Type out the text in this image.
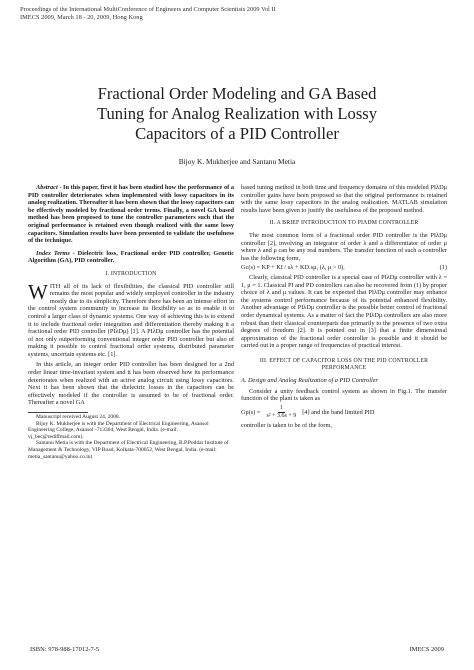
Proceedings of the International MultiConference of Engineers and Computer Scientists 2009 Vol II
IMECS 2009, March 18 - 20, 2009, Hong Kong
Fractional Order Modeling and GA Based
Tuning for Analog Realization with Lossy
Capacitors of a PID Controller
Bijoy K. Mukherjee and Santanu Metia

Abstract - In this paper, first it has been studied how the performance of a PID controller deteriorates when implemented with lossy capacitors in its analog realization. Thereafter it has been shown that the lossy capacitors can be effectively modeled by fractional order terms. Finally, a novel GA based method has been proposed to tune the controller parameters such that the original performance is retained even though realized with the same lossy capacitors. Simulation results have been presented to validate the usefulness of the technique.

Index Terms - Dielectric loss, Fractional order PID controller, Genetic Algorithm (GA), PID controller.

I. INTRODUCTION

WITH all of its lack of flexibilities, the classical PID controller still remains the most popular and widely employed controller in the industry mostly due to its simplicity. Therefore there has been an intense effort in the control system community to increase its flexibility so as to enable it to control a larger class of dynamic systems. One way of achieving this is to extend it to include fractional order integration and differentiation thereby making it a fractional order PID controller (PIλDμ) [1]. A PIλDμ controller has the potential of not only outperforming conventional integer order PID controller but also of making it possible to control fractional order systems, distributed parameter systems, uncertain systems etc. [1].

In this article, an integer order PID controller has been designed for a 2nd order linear time-invariant system and it has been observed how its performance deteriorates when realized with an active analog circuit using lossy capacitors. Next it has been shown that the dielectric losses in the capacitors can be effectively modeled if the controller is assumed to be of fractional order. Thereafter a novel GA

Manuscript received August 24, 2008.

Bijoy K. Mukherjee is with the Department of Electrical Engineering, Asansol Engineering College, Asansol -713304, West Bengal, India. (e-mail: vj_bec@rediffmail.com).

Santanu Metia is with the Department of Electrical Engineering, B.P.Poddar Institute of Management & Technology, VIP Road, Kolkata-700052, West Bengal, India. (e-mail: metia_santanu@yahoo.co.in)

based tuning method in both time and frequency domains of this modeled PIλDμ controller gains have been proposed so that the original performance is retained with the same lossy capacitors in the analog realization. MATLAB simulation results have been given to justify the usefulness of the proposed method.

II. A BRIEF INTRODUCTION TO PIΛDΜ CONTROLLER

The most common form of a fractional order PID controller is the PIλDμ controller [2], involving an integrator of order λ and a differentiator of order μ where λ and μ can be any real numbers. The transfer function of such a controller has the following form,

Gc(s) = KP + KI / sλ + KD.sμ, (λ, μ > 0).	(1)

Clearly, classical PID controller is a special case of PIλDμ controller with λ = 1, μ = 1. Classical PI and PD controllers can also be recovered from (1) by proper choice of λ and μ values. It can be expected that PIλDμ controller may enhance the systems control performance because of its potential enhanced flexibility. Another advantage of PIλDμ controller is the possible better control of fractional order dynamical systems. As a matter of fact the PIλDμ controllers are also more robust than their classical counterparts due primarily to the presence of two extra degrees of freedom [2]. It is pointed out in [3] that a finite dimensional approximation of the fractional order controller is possible and it should be carried out in a proper range of frequencies of practical interest.

III. EFFECT OF CAPACITOR LOSS ON THE PID CONTROLLER
PERFORMANCE
A. Design and Analog Realization of a PID Controller

Consider a unity feedback control system as shown in Fig.1. The transfer function of the plant is taken as

$Gp(s) = \frac{1}{\text{s² + 3.6s + 9}} [4]$ and the band limited PID

controller is taken to be of the form,

ISBN: 978-988-17012-7-5	IMECS 2009
